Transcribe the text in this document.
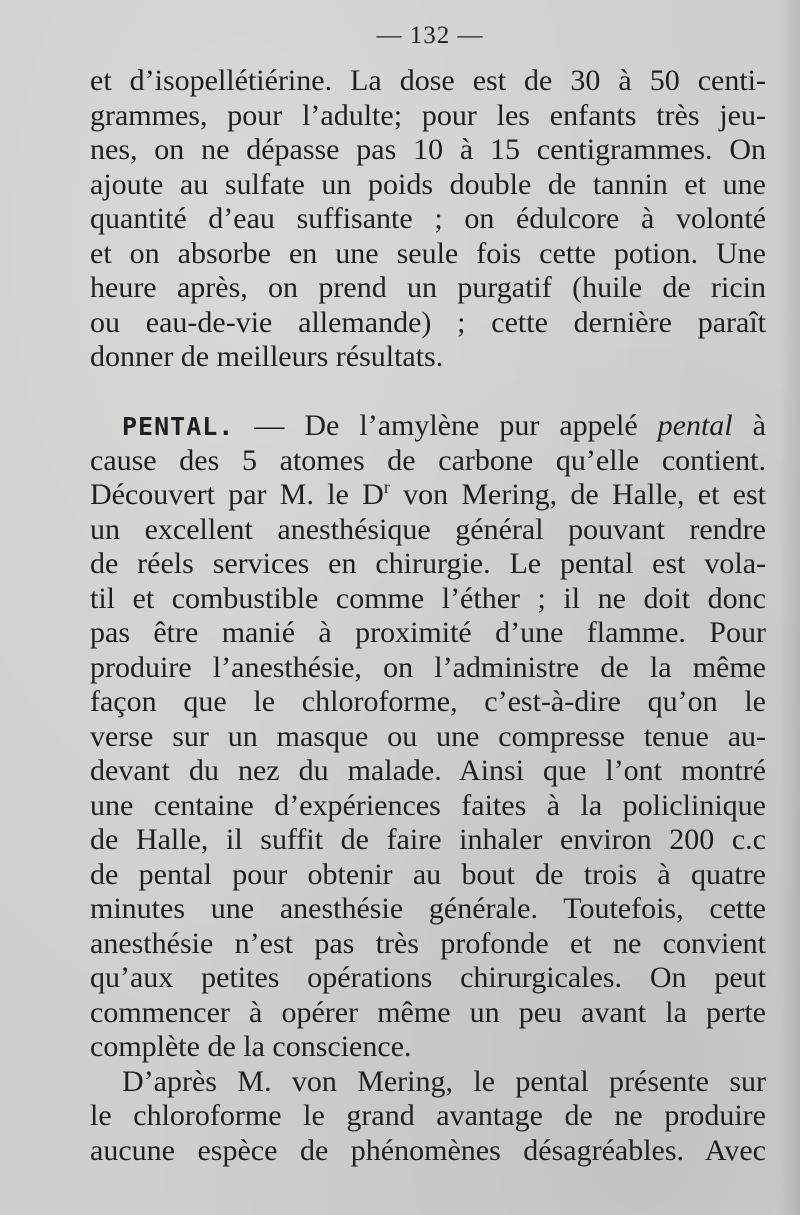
— 132 —
et d’isopellétiérine. La dose est de 30 à 50 centi-
grammes, pour l’adulte; pour les enfants très jeu-
nes, on ne dépasse pas 10 à 15 centigrammes. On
ajoute au sulfate un poids double de tannin et une
quantité d’eau suffisante ; on édulcore à volonté
et on absorbe en une seule fois cette potion. Une
heure après, on prend un purgatif (huile de ricin
ou eau-de-vie allemande) ; cette dernière paraît
donner de meilleurs résultats.
PENTAL. — De l’amylène pur appelé pental à
cause des 5 atomes de carbone qu’elle contient.
Découvert par M. le $D^r$ von Mering, de Halle, et est
un excellent anesthésique général pouvant rendre
de réels services en chirurgie. Le pental est vola-
til et combustible comme l’éther ; il ne doit donc
pas être manié à proximité d’une flamme. Pour
produire l’anesthésie, on l’administre de la même
façon que le chloroforme, c’est-à-dire qu’on le
verse sur un masque ou une compresse tenue au-
devant du nez du malade. Ainsi que l’ont montré
une centaine d’expériences faites à la policlinique
de Halle, il suffit de faire inhaler environ 200 c.c
de pental pour obtenir au bout de trois à quatre
minutes une anesthésie générale. Toutefois, cette
anesthésie n’est pas très profonde et ne convient
qu’aux petites opérations chirurgicales. On peut
commencer à opérer même un peu avant la perte
complète de la conscience.
D’après M. von Mering, le pental présente sur
le chloroforme le grand avantage de ne produire
aucune espèce de phénomènes désagréables. Avec
